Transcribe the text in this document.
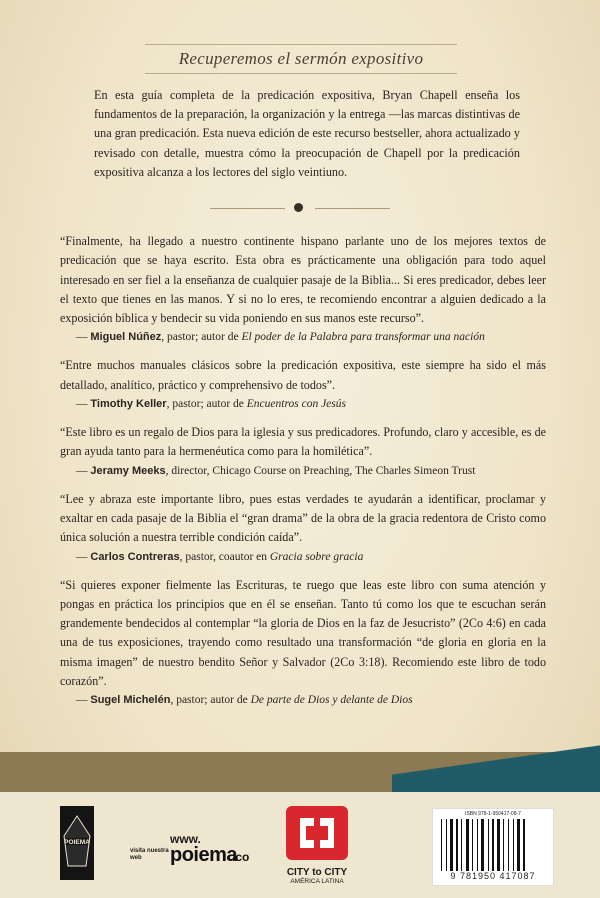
Recuperemos el sermón expositivo
En esta guía completa de la predicación expositiva, Bryan Chapell enseña los fundamentos de la preparación, la organización y la entrega —las marcas distintivas de una gran predicación. Esta nueva edición de este recurso bestseller, ahora actualizado y revisado con detalle, muestra cómo la preocupación de Chapell por la predicación expositiva alcanza a los lectores del siglo veintiuno.

“Finalmente, ha llegado a nuestro continente hispano parlante uno de los mejores textos de predicación que se haya escrito. Esta obra es prácticamente una obligación para todo aquel interesado en ser fiel a la enseñanza de cualquier pasaje de la Biblia... Si eres predicador, debes leer el texto que tienes en las manos. Y si no lo eres, te recomiendo encontrar a alguien dedicado a la exposición bíblica y bendecir su vida poniendo en sus manos este recurso”.

— Miguel Núñez, pastor; autor de El poder de la Palabra para transformar una nación

“Entre muchos manuales clásicos sobre la predicación expositiva, este siempre ha sido el más detallado, analítico, práctico y comprehensivo de todos”.

— Timothy Keller, pastor; autor de Encuentros con Jesús

“Este libro es un regalo de Dios para la iglesia y sus predicadores. Profundo, claro y accesible, es de gran ayuda tanto para la hermenéutica como para la homilética”.

— Jeramy Meeks, director, Chicago Course on Preaching, The Charles Simeon Trust

“Lee y abraza este importante libro, pues estas verdades te ayudarán a identificar, proclamar y exaltar en cada pasaje de la Biblia el “gran drama” de la obra de la gracia redentora de Cristo como única solución a nuestra terrible condición caída”.

— Carlos Contreras, pastor, coautor en Gracia sobre gracia

“Si quieres exponer fielmente las Escrituras, te ruego que leas este libro con suma atención y pongas en práctica los principios que en él se enseñan. Tanto tú como los que te escuchan serán grandemente bendecidos al contemplar “la gloria de Dios en la faz de Jesucristo” (2Co 4:6) en cada una de tus exposiciones, trayendo como resultado una transformación “de gloria en gloria en la misma imagen” de nuestro bendito Señor y Salvador (2Co 3:18). Recomiendo este libro de todo corazón”.

— Sugel Michelén, pastor; autor de De parte de Dios y delante de Dios
POIEMA
visita nuestra web
www.
poiema
.co
CITY to CITY
AMÉRICA LATINA
ISBN 978-1-950417-08-7
9 781950 417087
